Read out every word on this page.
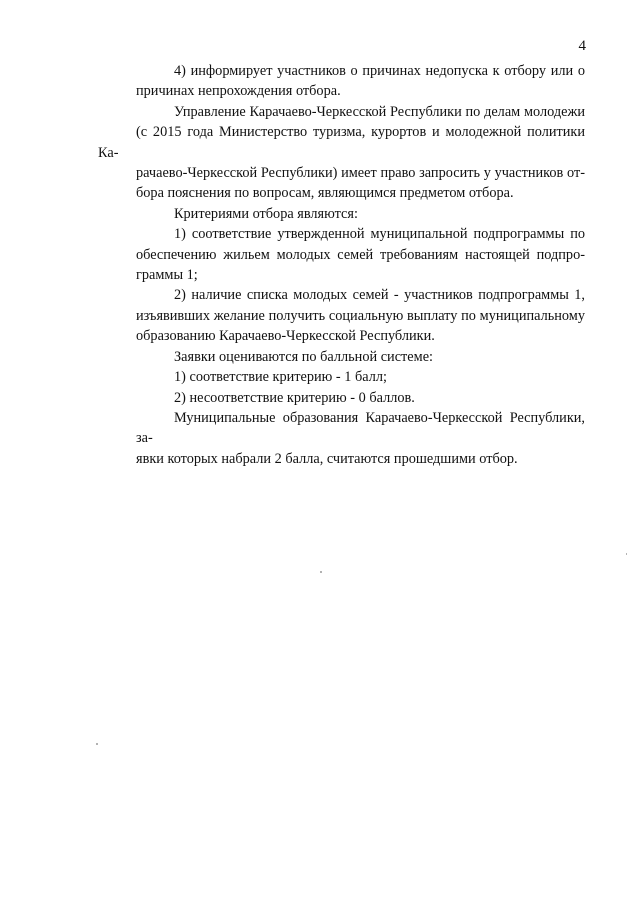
4

4) информирует участников о причинах недопуска к отбору или о
причинах непрохождения отбора.

Управление Карачаево-Черкесской Республики по делам молодежи
(с 2015 года Министерство туризма, курортов и молодежной политики Ка-
рачаево-Черкесской Республики) имеет право запросить у участников от-
бора пояснения по вопросам, являющимся предметом отбора.

Критериями отбора являются:

1) соответствие утвержденной муниципальной подпрограммы по
обеспечению жильем молодых семей требованиям настоящей подпро-
граммы 1;

2) наличие списка молодых семей - участников подпрограммы 1,
изъявивших желание получить социальную выплату по муниципальному
образованию Карачаево-Черкесской Республики.

Заявки оцениваются по балльной системе:

1) соответствие критерию - 1 балл;

2) несоответствие критерию - 0 баллов.

Муниципальные образования Карачаево-Черкесской Республики, за-
явки которых набрали 2 балла, считаются прошедшими отбор.
